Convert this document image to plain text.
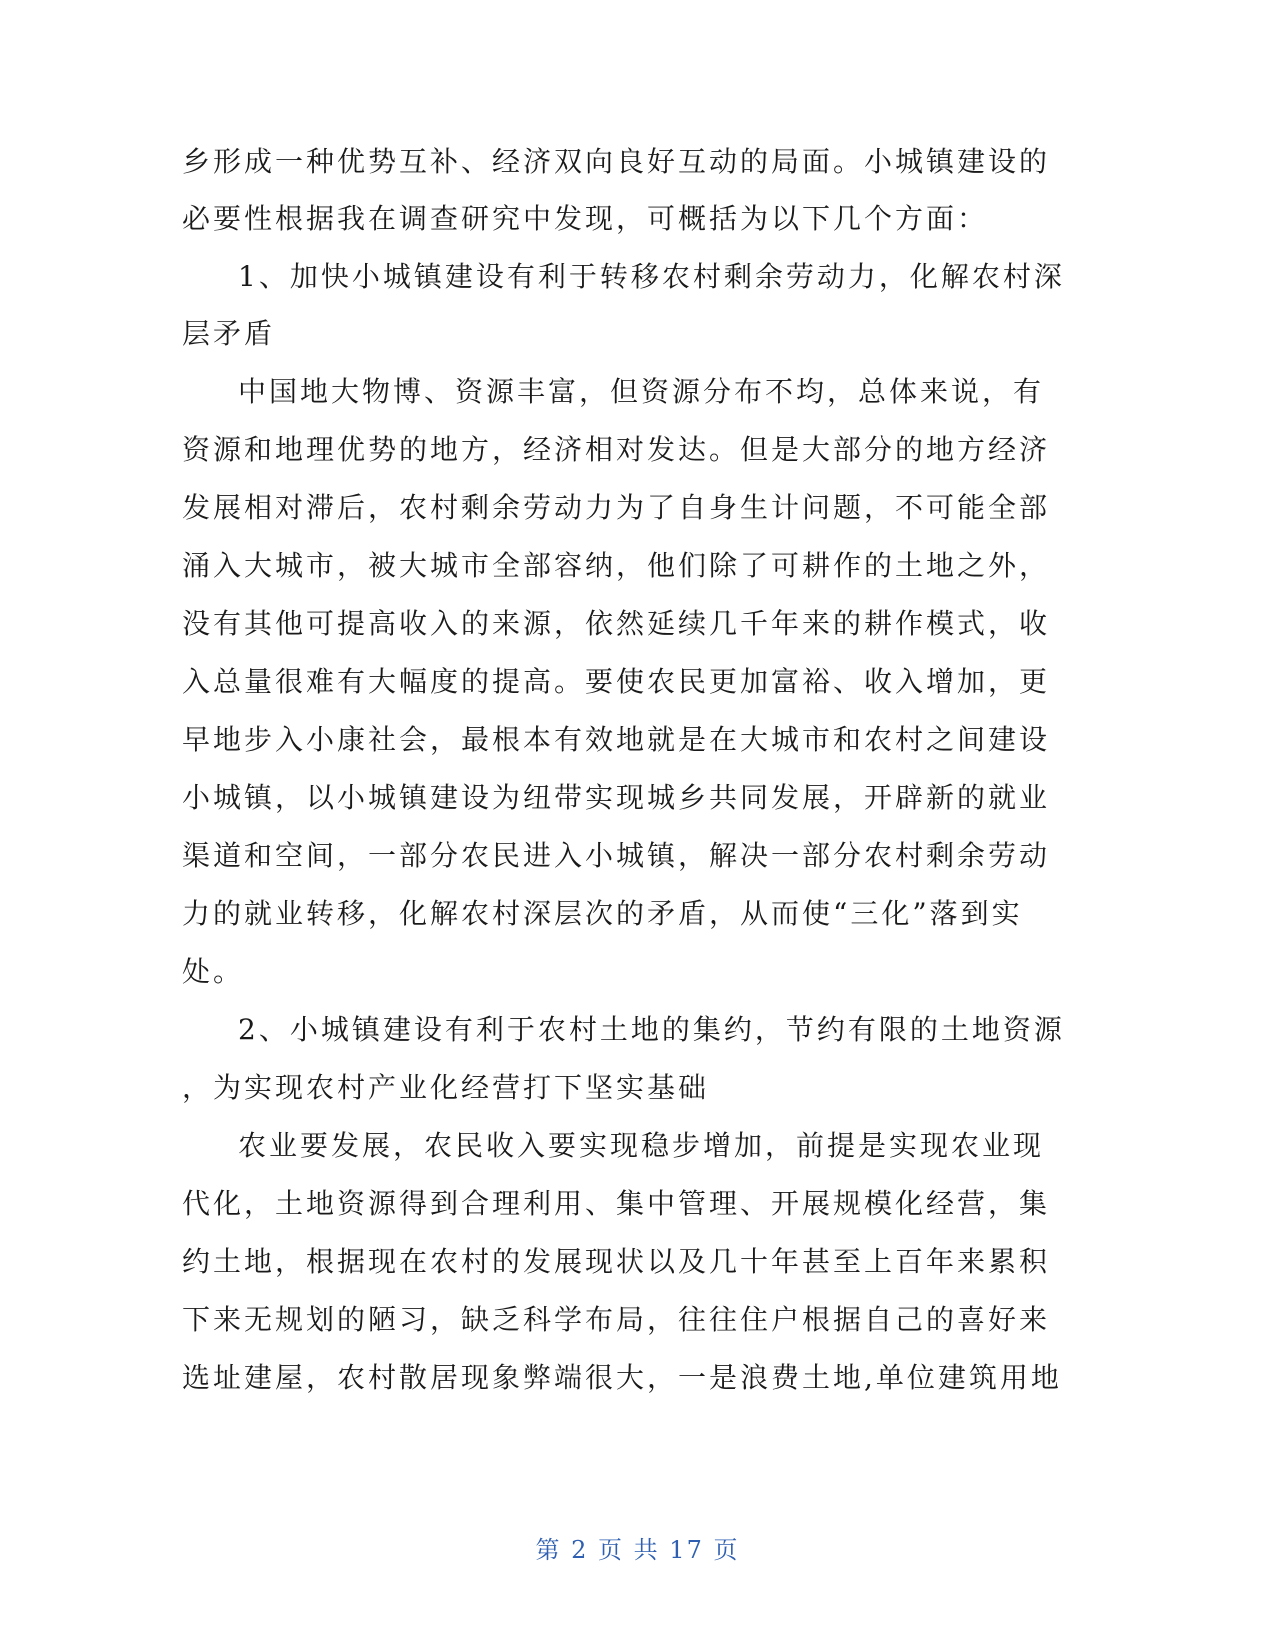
乡形成一种优势互补、经济双向良好互动的局面。小城镇建设的
必要性根据我在调查研究中发现，可概括为以下几个方面：
1、加快小城镇建设有利于转移农村剩余劳动力，化解农村深
层矛盾
中国地大物博、资源丰富，但资源分布不均，总体来说，有
资源和地理优势的地方，经济相对发达。但是大部分的地方经济
发展相对滞后，农村剩余劳动力为了自身生计问题，不可能全部
涌入大城市，被大城市全部容纳，他们除了可耕作的土地之外，
没有其他可提高收入的来源，依然延续几千年来的耕作模式，收
入总量很难有大幅度的提高。要使农民更加富裕、收入增加，更
早地步入小康社会，最根本有效地就是在大城市和农村之间建设
小城镇，以小城镇建设为纽带实现城乡共同发展，开辟新的就业
渠道和空间，一部分农民进入小城镇，解决一部分农村剩余劳动
力的就业转移，化解农村深层次的矛盾，从而使“三化”落到实
处。
2、小城镇建设有利于农村土地的集约，节约有限的土地资源
，为实现农村产业化经营打下坚实基础
农业要发展，农民收入要实现稳步增加，前提是实现农业现
代化，土地资源得到合理利用、集中管理、开展规模化经营，集
约土地，根据现在农村的发展现状以及几十年甚至上百年来累积
下来无规划的陋习，缺乏科学布局，往往住户根据自己的喜好来
选址建屋，农村散居现象弊端很大，一是浪费土地,单位建筑用地
第 2 页 共 17 页
